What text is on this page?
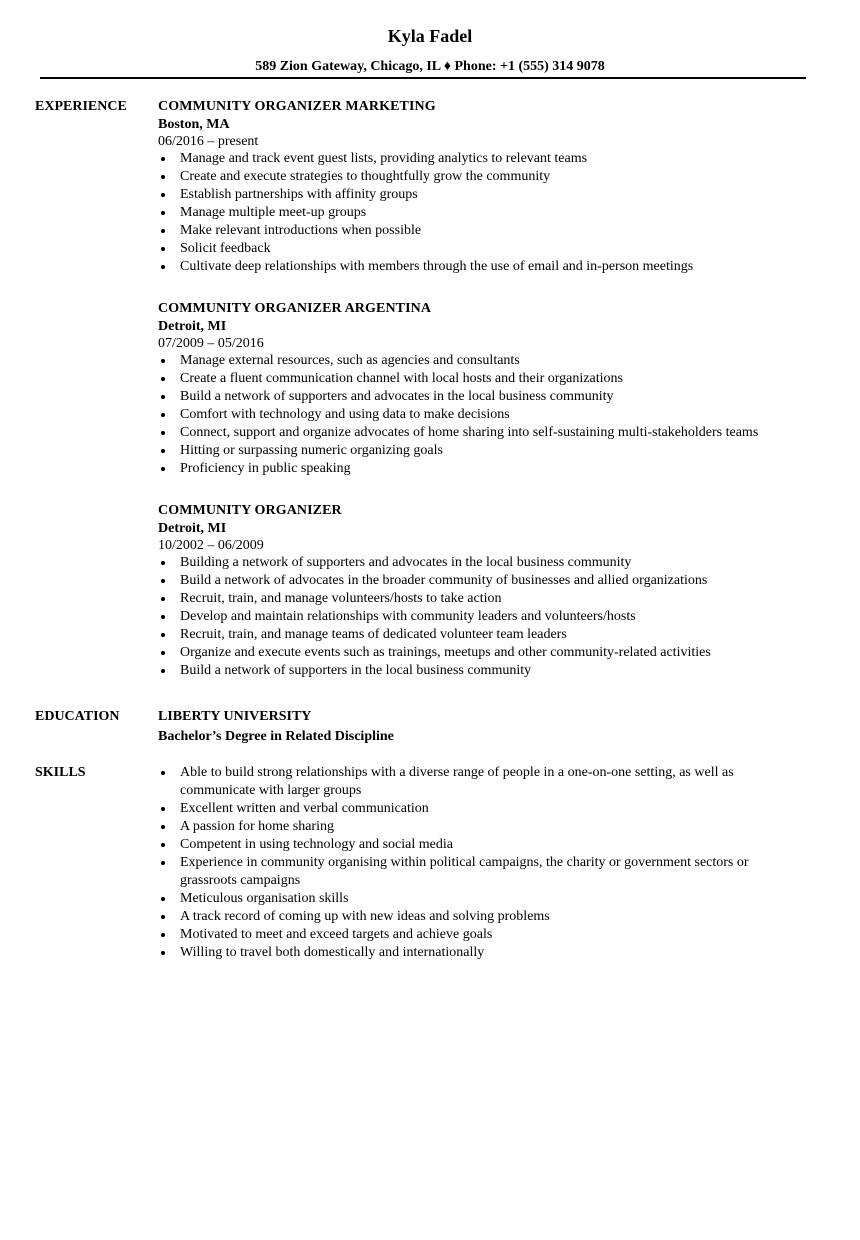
Kyla Fadel
589 Zion Gateway, Chicago, IL ♦ Phone: +1 (555) 314 9078
EXPERIENCE COMMUNITY ORGANIZER MARKETING
Boston, MA
06/2016 – present
Manage and track event guest lists, providing analytics to relevant teams
Create and execute strategies to thoughtfully grow the community
Establish partnerships with affinity groups
Manage multiple meet-up groups
Make relevant introductions when possible
Solicit feedback
Cultivate deep relationships with members through the use of email and in-person meetings
COMMUNITY ORGANIZER ARGENTINA
Detroit, MI
07/2009 – 05/2016
Manage external resources, such as agencies and consultants
Create a fluent communication channel with local hosts and their organizations
Build a network of supporters and advocates in the local business community
Comfort with technology and using data to make decisions
Connect, support and organize advocates of home sharing into self-sustaining multi-stakeholders teams
Hitting or surpassing numeric organizing goals
Proficiency in public speaking
COMMUNITY ORGANIZER
Detroit, MI
10/2002 – 06/2009
Building a network of supporters and advocates in the local business community
Build a network of advocates in the broader community of businesses and allied organizations
Recruit, train, and manage volunteers/hosts to take action
Develop and maintain relationships with community leaders and volunteers/hosts
Recruit, train, and manage teams of dedicated volunteer team leaders
Organize and execute events such as trainings, meetups and other community-related activities
Build a network of supporters in the local business community
EDUCATION	LIBERTY UNIVERSITY
Bachelor’s Degree in Related Discipline
SKILLS	Able to build strong relationships with a diverse range of people in a one-on-one setting, as well as communicate with larger groups
Excellent written and verbal communication
A passion for home sharing
Competent in using technology and social media
Experience in community organising within political campaigns, the charity or government sectors or grassroots campaigns
Meticulous organisation skills
A track record of coming up with new ideas and solving problems
Motivated to meet and exceed targets and achieve goals
Willing to travel both domestically and internationally
